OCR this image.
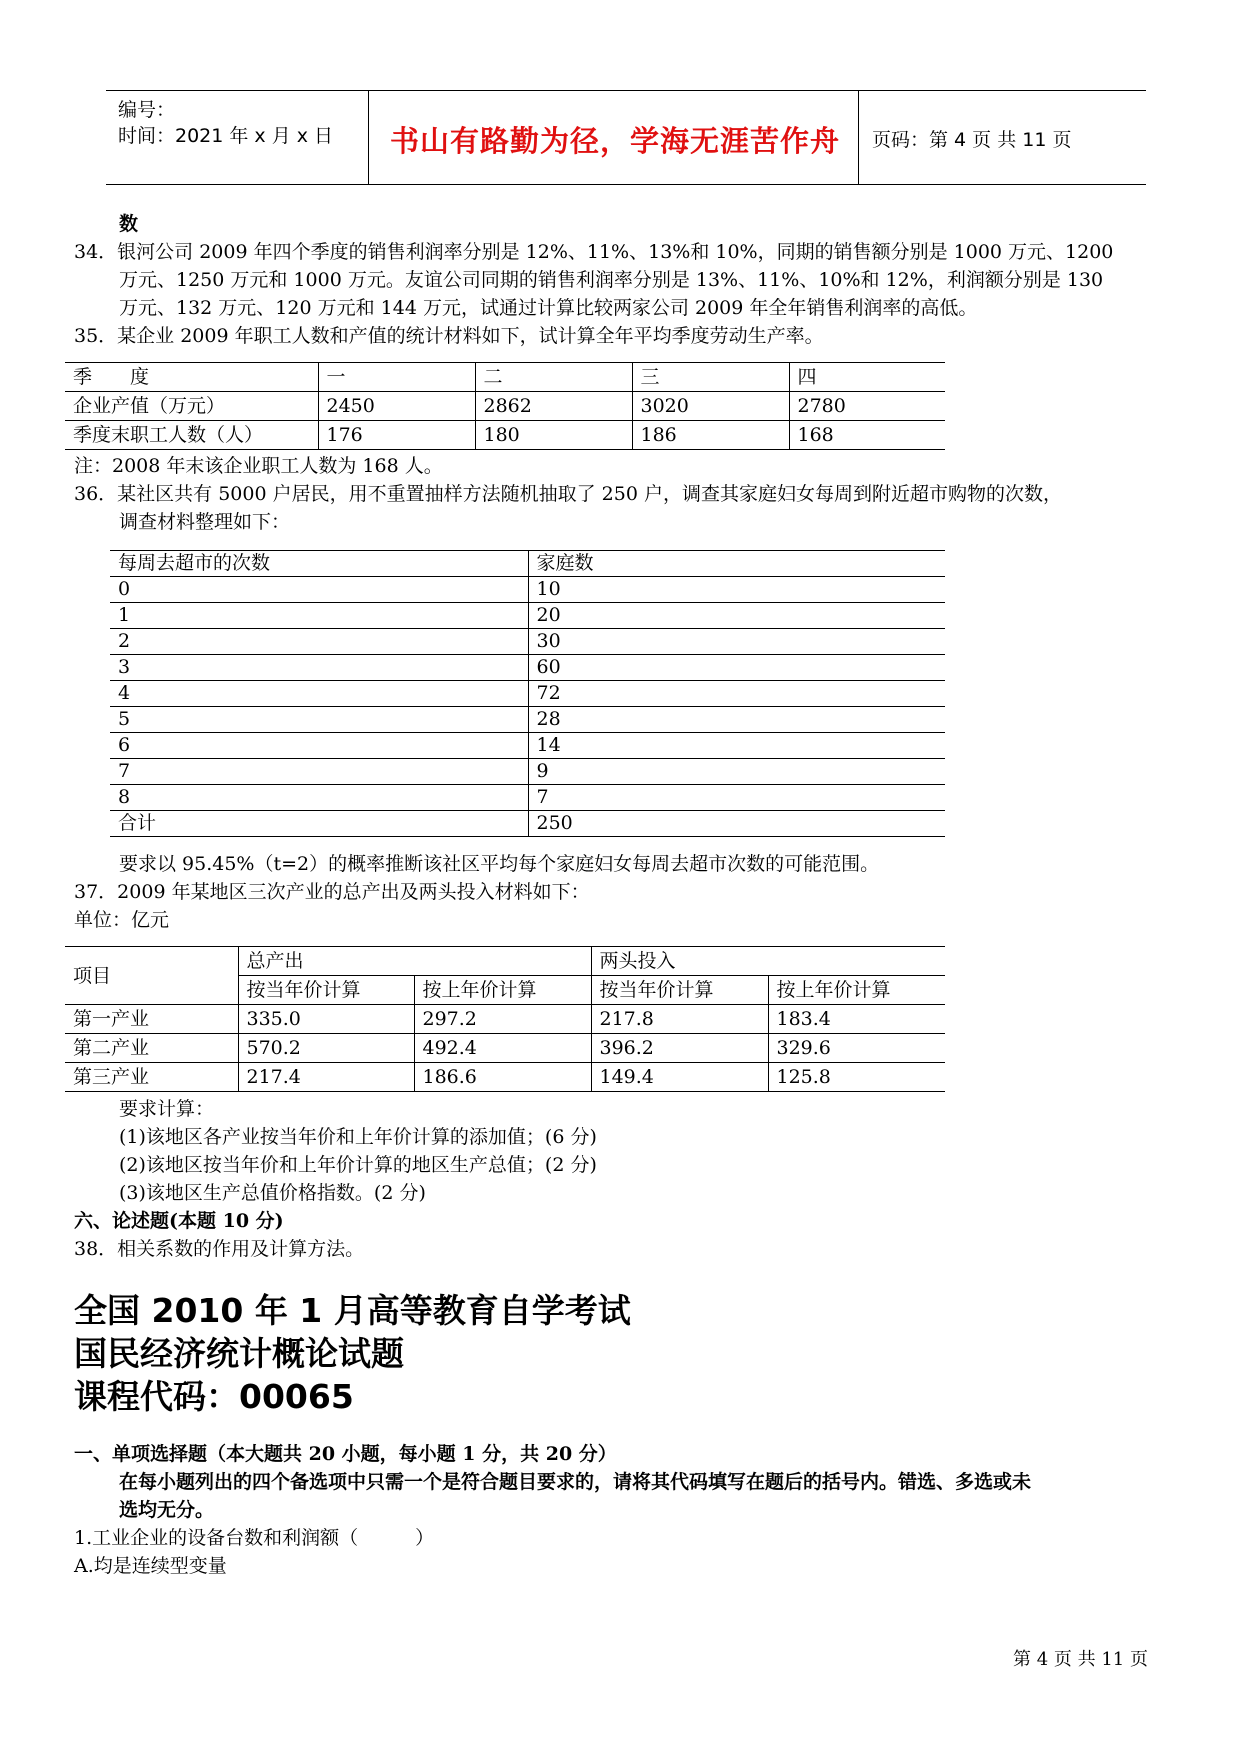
编号：
时间：2021 年 x 月 x 日 书山有路勤为径，学海无涯苦作舟 页码：第 4 页 共 11 页
数
34．银河公司 2009 年四个季度的销售利润率分别是 12%、11%、13%和 10%，同期的销售额分别是 1000 万元、1200
万元、1250 万元和 1000 万元。友谊公司同期的销售利润率分别是 13%、11%、10%和 12%，利润额分别是 130
万元、132 万元、120 万元和 144 万元，试通过计算比较两家公司 2009 年全年销售利润率的高低。
35．某企业 2009 年职工人数和产值的统计材料如下，试计算全年平均季度劳动生产率。
季　　度	一	二	三	四
企业产值（万元）	2450	2862	3020	2780
季度末职工人数（人）	176	180	186	168
注：2008 年末该企业职工人数为 168 人。
36．某社区共有 5000 户居民，用不重置抽样方法随机抽取了 250 户，调查其家庭妇女每周到附近超市购物的次数，
调查材料整理如下：
每周去超市的次数	家庭数
0	10
1	20
2	30
3	60
4	72
5	28
6	14
7	9
8	7
合计	250
要求以 95.45%（t=2）的概率推断该社区平均每个家庭妇女每周去超市次数的可能范围。
37．2009 年某地区三次产业的总产出及两头投入材料如下：
单位：亿元
项目	总产出		两头投入	
	按当年价计算	按上年价计算	按当年价计算	按上年价计算
第一产业	335.0	297.2	217.8	183.4
第二产业	570.2	492.4	396.2	329.6
第三产业	217.4	186.6	149.4	125.8
要求计算：
(1)该地区各产业按当年价和上年价计算的添加值；(6 分)
(2)该地区按当年价和上年价计算的地区生产总值；(2 分)
(3)该地区生产总值价格指数。(2 分)
六、论述题(本题 10 分)
38．相关系数的作用及计算方法。
全国 2010 年 1 月高等教育自学考试
国民经济统计概论试题
课程代码：00065
一、单项选择题（本大题共 20 小题，每小题 1 分，共 20 分）
在每小题列出的四个备选项中只需一个是符合题目要求的，请将其代码填写在题后的括号内。错选、多选或未
选均无分。
1.工业企业的设备台数和利润额（　　　）
A.均是连续型变量
第 4 页 共 11 页
